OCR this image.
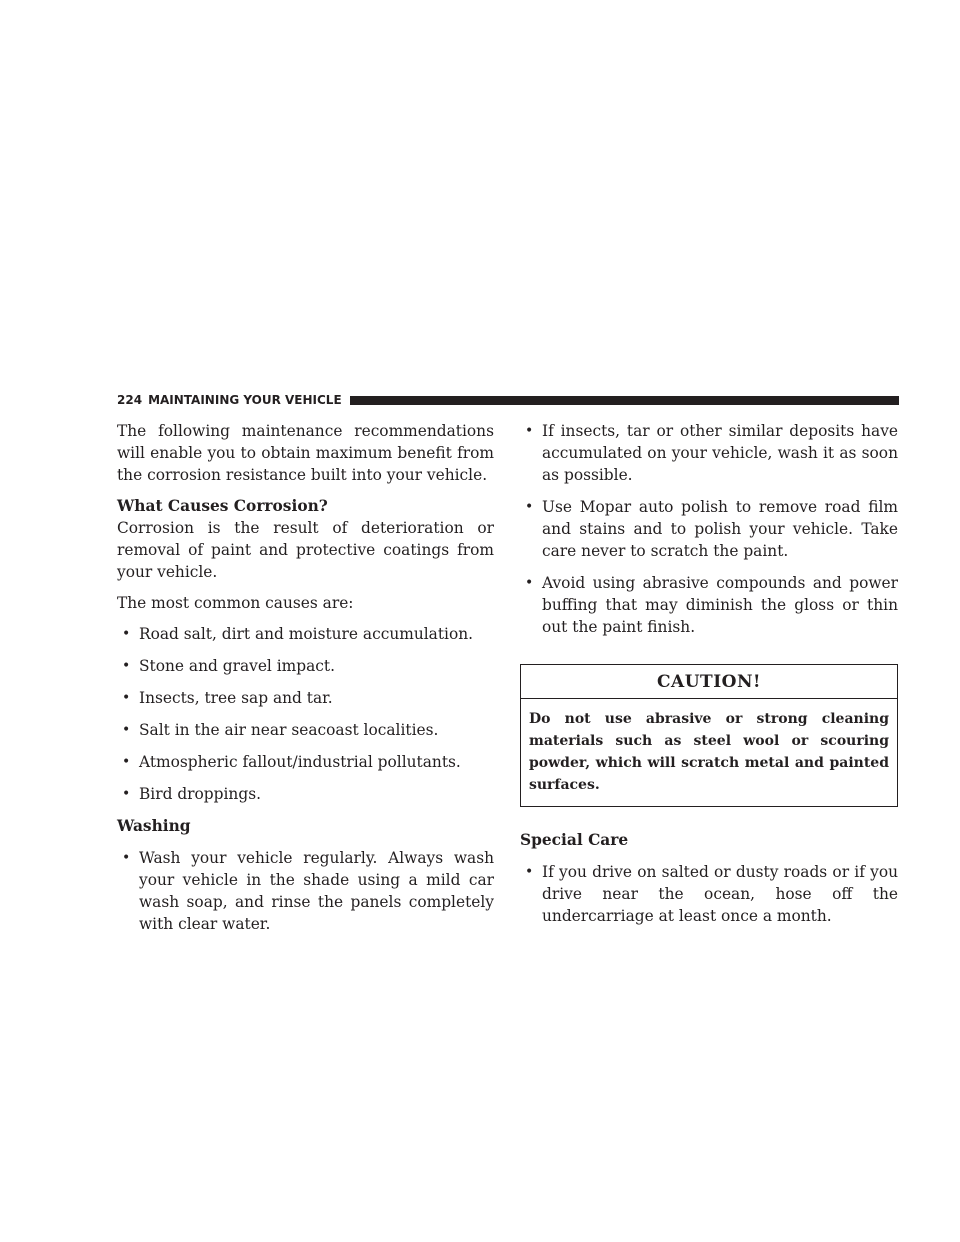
224 MAINTAINING YOUR VEHICLE

The following maintenance recommendations will enable you to obtain maximum benefit from the corrosion resistance built into your vehicle.

What Causes Corrosion?

Corrosion is the result of deterioration or removal of paint and protective coatings from your vehicle.

The most common causes are:

• Road salt, dirt and moisture accumulation.
• Stone and gravel impact.
• Insects, tree sap and tar.
• Salt in the air near seacoast localities.
• Atmospheric fallout/industrial pollutants.
• Bird droppings.

Washing

• Wash your vehicle regularly. Always wash your vehicle in the shade using a mild car wash soap, and rinse the panels completely with clear water.
• If insects, tar or other similar deposits have accumulated on your vehicle, wash it as soon as possible.
• Use Mopar auto polish to remove road film and stains and to polish your vehicle. Take care never to scratch the paint.
• Avoid using abrasive compounds and power buffing that may diminish the gloss or thin out the paint finish.
CAUTION!
Do not use abrasive or strong cleaning materials such as steel wool or scouring powder, which will scratch metal and painted surfaces.

Special Care

• If you drive on salted or dusty roads or if you drive near the ocean, hose off the undercarriage at least once a month.
